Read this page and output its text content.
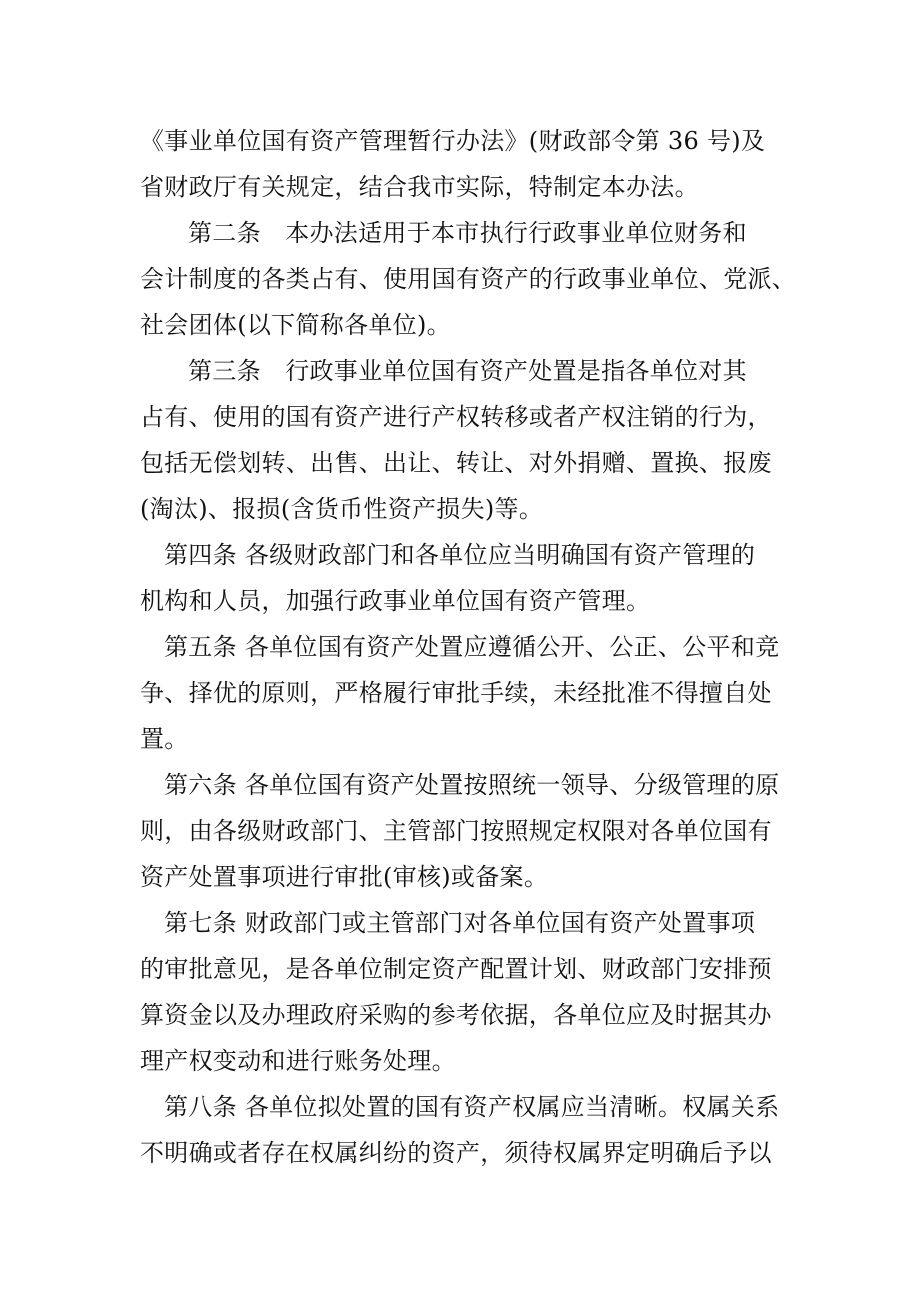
《事业单位国有资产管理暂行办法》(财政部令第 36 号)及
省财政厅有关规定，结合我市实际，特制定本办法。
第二条　本办法适用于本市执行行政事业单位财务和
会计制度的各类占有、使用国有资产的行政事业单位、党派、
社会团体(以下简称各单位)。
第三条　行政事业单位国有资产处置是指各单位对其
占有、使用的国有资产进行产权转移或者产权注销的行为，
包括无偿划转、出售、出让、转让、对外捐赠、置换、报废
(淘汰)、报损(含货币性资产损失)等。
第四条 各级财政部门和各单位应当明确国有资产管理的
机构和人员，加强行政事业单位国有资产管理。
第五条 各单位国有资产处置应遵循公开、公正、公平和竞
争、择优的原则，严格履行审批手续，未经批准不得擅自处
置。
第六条 各单位国有资产处置按照统一领导、分级管理的原
则，由各级财政部门、主管部门按照规定权限对各单位国有
资产处置事项进行审批(审核)或备案。
第七条 财政部门或主管部门对各单位国有资产处置事项
的审批意见，是各单位制定资产配置计划、财政部门安排预
算资金以及办理政府采购的参考依据，各单位应及时据其办
理产权变动和进行账务处理。
第八条 各单位拟处置的国有资产权属应当清晰。权属关系
不明确或者存在权属纠纷的资产，须待权属界定明确后予以
